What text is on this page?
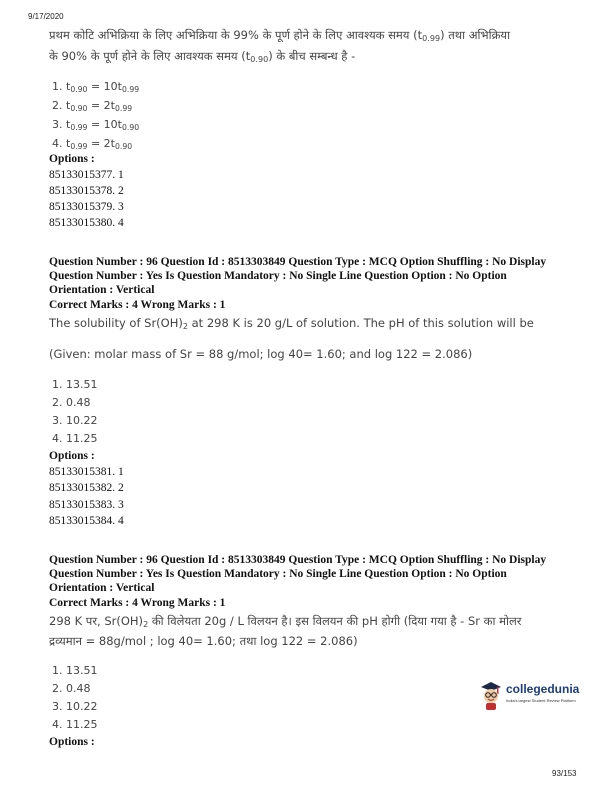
9/17/2020
प्रथम कोटि अभिक्रिया के लिए अभिक्रिया के 99% के पूर्ण होने के लिए आवश्यक समय $(t_{0.99})$ तथा अभिक्रिया
के 90% के पूर्ण होने के लिए आवश्यक समय $(t_{0.90})$ के बीच सम्बन्ध है -
1. $t_{0.90} = 10t_{0.99}$
2. $t_{0.90} = 2t_{0.99}$
3. $t_{0.99} = 10t_{0.90}$
4. $t_{0.99} = 2t_{0.90}$
Options :
85133015377. 1
85133015378. 2
85133015379. 3
85133015380. 4
Question Number : 96 Question Id : 8513303849 Question Type : MCQ Option Shuffling : No Display
Question Number : Yes Is Question Mandatory : No Single Line Question Option : No Option
Orientation : Vertical
Correct Marks : 4 Wrong Marks : 1
The solubility of $Sr(OH)_2$ at 298 K is 20 g/L of solution. The pH of this solution will be
(Given: molar mass of Sr = 88 g/mol; log 40= 1.60; and log 122 = 2.086)
1. 13.51
2. 0.48
3. 10.22
4. 11.25
Options :
85133015381. 1
85133015382. 2
85133015383. 3
85133015384. 4
Question Number : 96 Question Id : 8513303849 Question Type : MCQ Option Shuffling : No Display
Question Number : Yes Is Question Mandatory : No Single Line Question Option : No Option
Orientation : Vertical
Correct Marks : 4 Wrong Marks : 1
298 K पर, $Sr(OH)_2$ की विलेयता 20g / L विलयन है। इस विलयन की pH होगी (दिया गया है - Sr का मोलर
द्रव्यमान = 88g/mol ; log 40= 1.60; तथा log 122 = 2.086)
1. 13.51
2. 0.48
3. 10.22
4. 11.25
Options :
collegedunia
India's largest Student Review Platform
93/153
